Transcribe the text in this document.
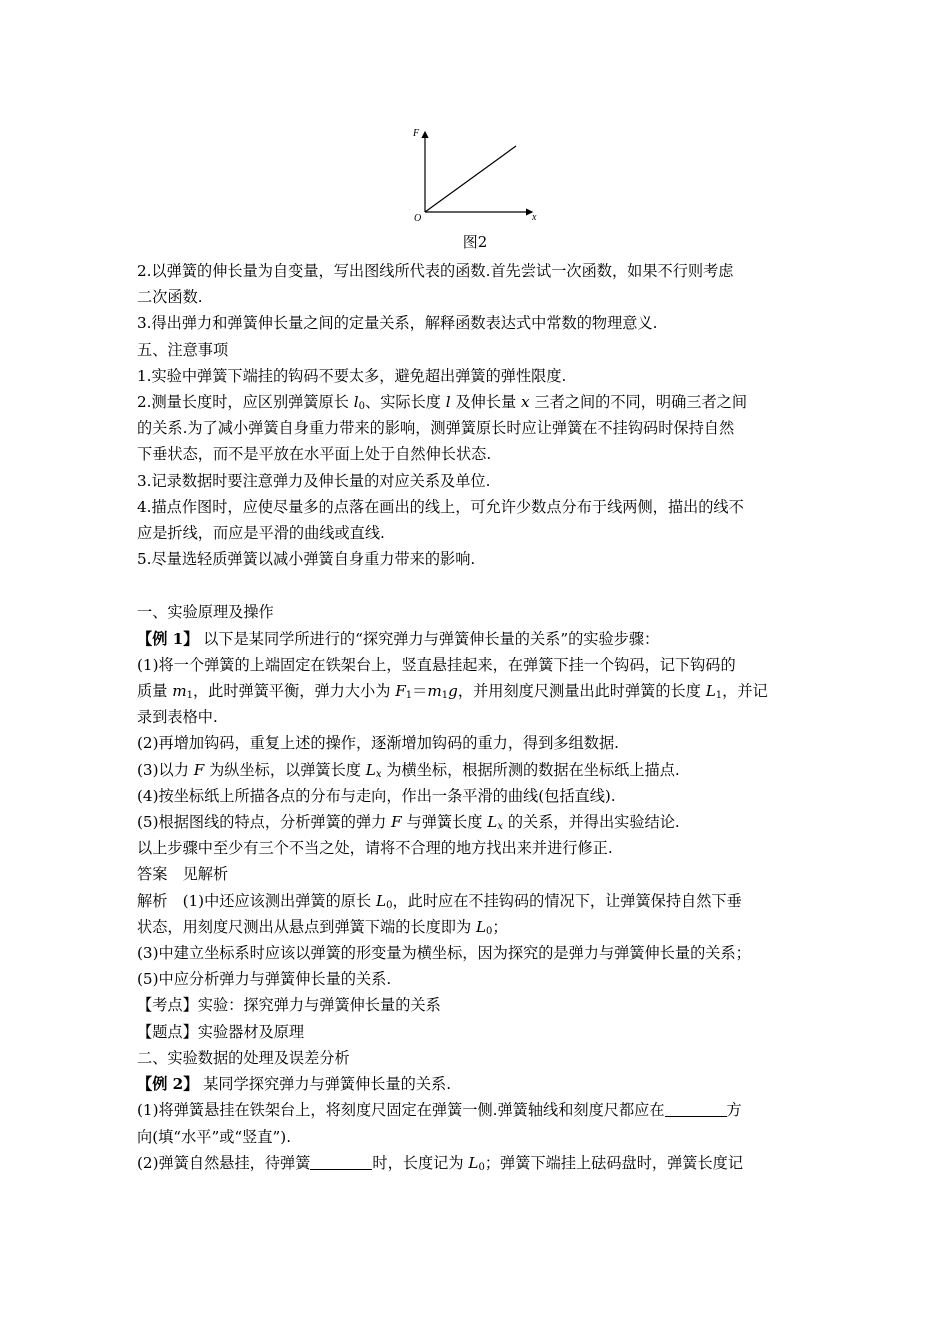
F
x
O
图2

2.以弹簧的伸长量为自变量，写出图线所代表的函数.首先尝试一次函数，如果不行则考虑

二次函数.

3.得出弹力和弹簧伸长量之间的定量关系，解释函数表达式中常数的物理意义.

五、注意事项

1.实验中弹簧下端挂的钩码不要太多，避免超出弹簧的弹性限度.

2.测量长度时，应区别弹簧原长 $l_0$、实际长度 l 及伸长量 x 三者之间的不同，明确三者之间

的关系.为了减小弹簧自身重力带来的影响，测弹簧原长时应让弹簧在不挂钩码时保持自然

下垂状态，而不是平放在水平面上处于自然伸长状态.

3.记录数据时要注意弹力及伸长量的对应关系及单位.

4.描点作图时，应使尽量多的点落在画出的线上，可允许少数点分布于线两侧，描出的线不

应是折线，而应是平滑的曲线或直线.

5.尽量选轻质弹簧以减小弹簧自身重力带来的影响.

一、实验原理及操作

【例 1】 以下是某同学所进行的“探究弹力与弹簧伸长量的关系”的实验步骤：

(1)将一个弹簧的上端固定在铁架台上，竖直悬挂起来，在弹簧下挂一个钩码，记下钩码的

质量 $m_1$，此时弹簧平衡，弹力大小为 $F_1=m_1g$，并用刻度尺测量出此时弹簧的长度 $L_1$，并记

录到表格中.

(2)再增加钩码，重复上述的操作，逐渐增加钩码的重力，得到多组数据.

(3)以力 F 为纵坐标，以弹簧长度 $L_x$ 为横坐标，根据所测的数据在坐标纸上描点.

(4)按坐标纸上所描各点的分布与走向，作出一条平滑的曲线(包括直线).

(5)根据图线的特点，分析弹簧的弹力 F 与弹簧长度 $L_x$ 的关系，并得出实验结论.

以上步骤中至少有三个不当之处，请将不合理的地方找出来并进行修正.

答案　见解析

解析　(1)中还应该测出弹簧的原长 $L_0$，此时应在不挂钩码的情况下，让弹簧保持自然下垂

状态，用刻度尺测出从悬点到弹簧下端的长度即为 $L_0$；

(3)中建立坐标系时应该以弹簧的形变量为横坐标，因为探究的是弹力与弹簧伸长量的关系；

(5)中应分析弹力与弹簧伸长量的关系.

【考点】实验：探究弹力与弹簧伸长量的关系

【题点】实验器材及原理

二、实验数据的处理及误差分析

【例 2】 某同学探究弹力与弹簧伸长量的关系.

(1)将弹簧悬挂在铁架台上，将刻度尺固定在弹簧一侧.弹簧轴线和刻度尺都应在	方

向(填“水平”或“竖直”).

(2)弹簧自然悬挂，待弹簧	时，长度记为 $L_0$；弹簧下端挂上砝码盘时，弹簧长度记
